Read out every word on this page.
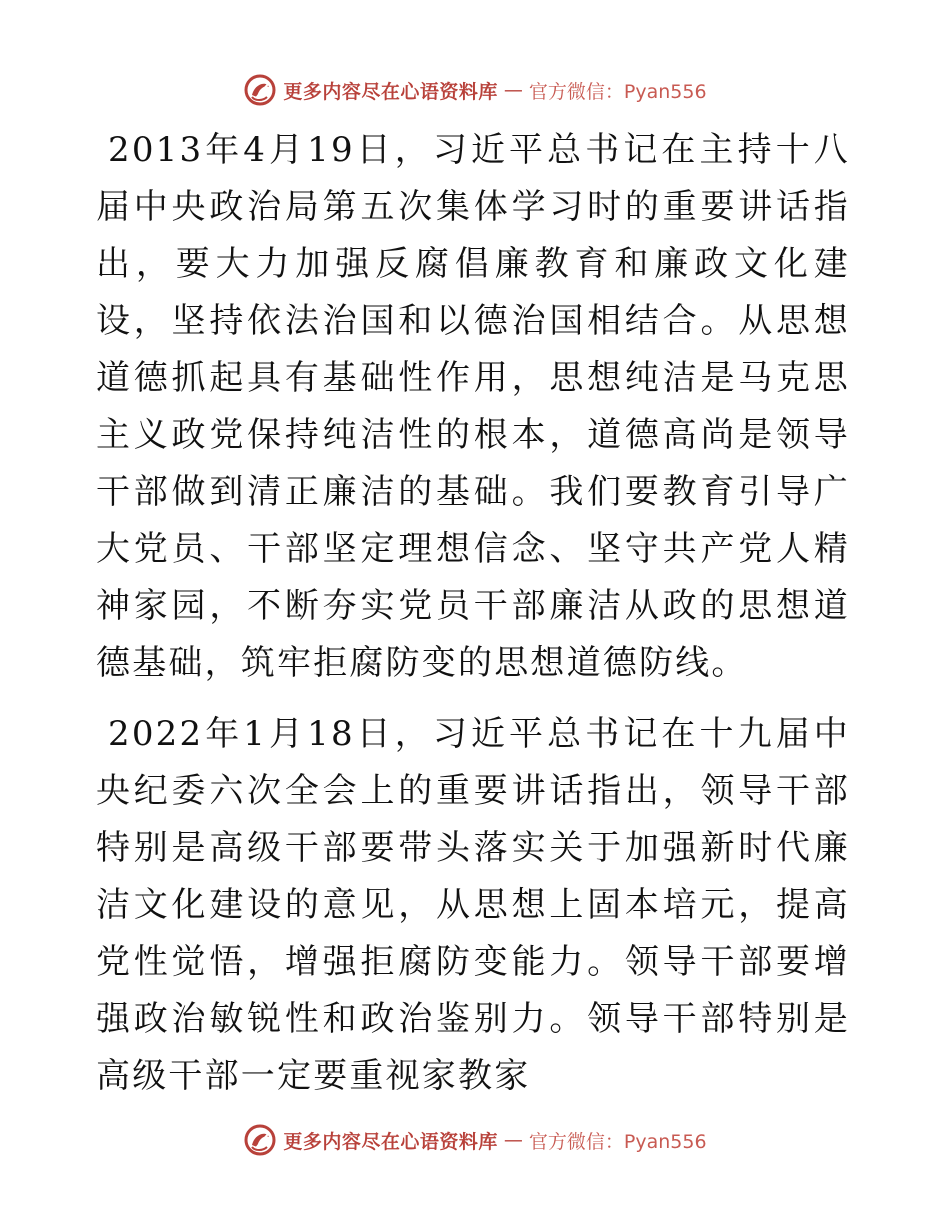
更多内容尽在心语资料库 — 官方微信：Pyan556

2013年4月19日，习近平总书记在主持十八届中央政治局第五次集体学习时的重要讲话指出，要大力加强反腐倡廉教育和廉政文化建设，坚持依法治国和以德治国相结合。从思想道德抓起具有基础性作用，思想纯洁是马克思主义政党保持纯洁性的根本，道德高尚是领导干部做到清正廉洁的基础。我们要教育引导广大党员、干部坚定理想信念、坚守共产党人精神家园，不断夯实党员干部廉洁从政的思想道德基础，筑牢拒腐防变的思想道德防线。

2022年1月18日，习近平总书记在十九届中央纪委六次全会上的重要讲话指出，领导干部特别是高级干部要带头落实关于加强新时代廉洁文化建设的意见，从思想上固本培元，提高党性觉悟，增强拒腐防变能力。领导干部要增强政治敏锐性和政治鉴别力。领导干部特别是高级干部一定要重视家教家

更多内容尽在心语资料库 — 官方微信：Pyan556
